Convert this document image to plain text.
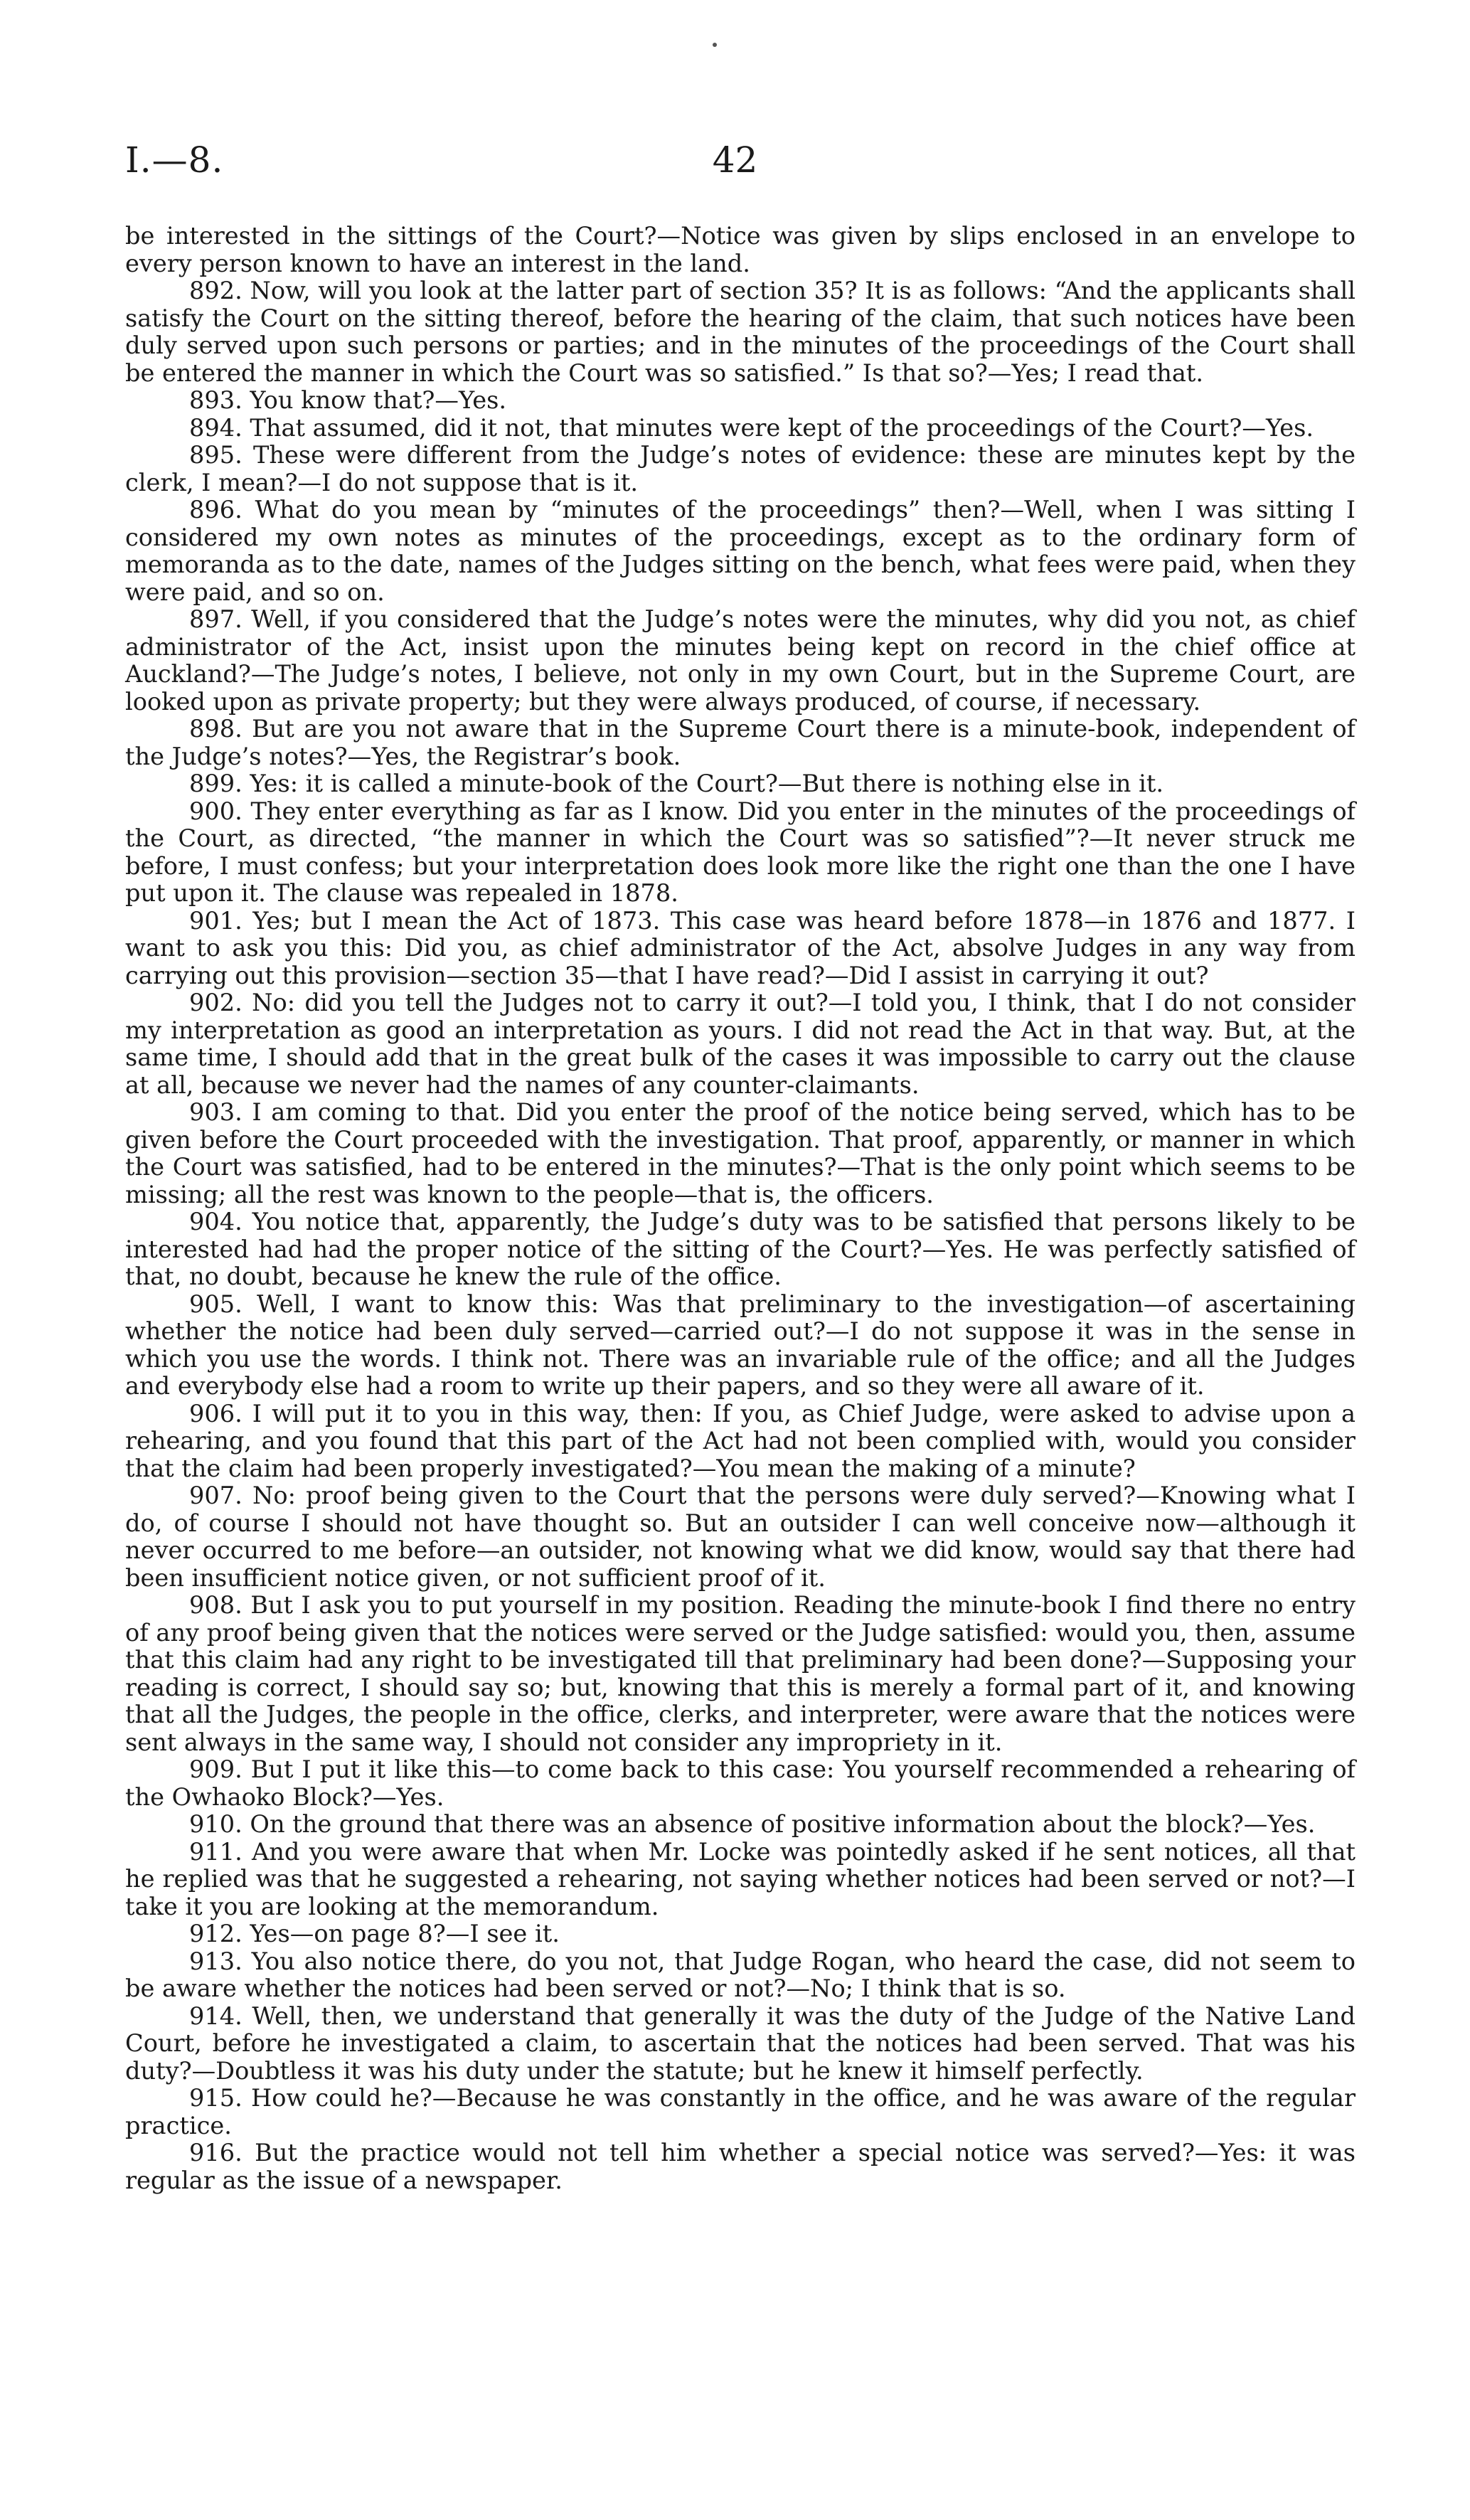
I.—8.	42

be interested in the sittings of the Court?—Notice was given by slips enclosed in an envelope to every person known to have an interest in the land.

892. Now, will you look at the latter part of section 35? It is as follows: “And the applicants shall satisfy the Court on the sitting thereof, before the hearing of the claim, that such notices have been duly served upon such persons or parties; and in the minutes of the proceedings of the Court shall be entered the manner in which the Court was so satisfied.” Is that so?—Yes; I read that.

893. You know that?—Yes.

894. That assumed, did it not, that minutes were kept of the proceedings of the Court?—Yes.

895. These were different from the Judge’s notes of evidence: these are minutes kept by the clerk, I mean?—I do not suppose that is it.

896. What do you mean by “minutes of the proceedings” then?—Well, when I was sitting I considered my own notes as minutes of the proceedings, except as to the ordinary form of memoranda as to the date, names of the Judges sitting on the bench, what fees were paid, when they were paid, and so on.

897. Well, if you considered that the Judge’s notes were the minutes, why did you not, as chief administrator of the Act, insist upon the minutes being kept on record in the chief office at Auckland?—The Judge’s notes, I believe, not only in my own Court, but in the Supreme Court, are looked upon as private property; but they were always produced, of course, if necessary.

898. But are you not aware that in the Supreme Court there is a minute-book, independent of the Judge’s notes?—Yes, the Registrar’s book.

899. Yes: it is called a minute-book of the Court?—But there is nothing else in it.

900. They enter everything as far as I know. Did you enter in the minutes of the proceedings of the Court, as directed, “the manner in which the Court was so satisfied”?—It never struck me before, I must confess; but your interpretation does look more like the right one than the one I have put upon it. The clause was repealed in 1878.

901. Yes; but I mean the Act of 1873. This case was heard before 1878—in 1876 and 1877. I want to ask you this: Did you, as chief administrator of the Act, absolve Judges in any way from carrying out this provision—section 35—that I have read?—Did I assist in carrying it out?

902. No: did you tell the Judges not to carry it out?—I told you, I think, that I do not consider my interpretation as good an interpretation as yours. I did not read the Act in that way. But, at the same time, I should add that in the great bulk of the cases it was impossible to carry out the clause at all, because we never had the names of any counter-claimants.

903. I am coming to that. Did you enter the proof of the notice being served, which has to be given before the Court proceeded with the investigation. That proof, apparently, or manner in which the Court was satisfied, had to be entered in the minutes?—That is the only point which seems to be missing; all the rest was known to the people—that is, the officers.

904. You notice that, apparently, the Judge’s duty was to be satisfied that persons likely to be interested had had the proper notice of the sitting of the Court?—Yes. He was perfectly satisfied of that, no doubt, because he knew the rule of the office.

905. Well, I want to know this: Was that preliminary to the investigation—of ascertaining whether the notice had been duly served—carried out?—I do not suppose it was in the sense in which you use the words. I think not. There was an invariable rule of the office; and all the Judges and everybody else had a room to write up their papers, and so they were all aware of it.

906. I will put it to you in this way, then: If you, as Chief Judge, were asked to advise upon a rehearing, and you found that this part of the Act had not been complied with, would you consider that the claim had been properly investigated?—You mean the making of a minute?

907. No: proof being given to the Court that the persons were duly served?—Knowing what I do, of course I should not have thought so. But an outsider I can well conceive now—although it never occurred to me before—an outsider, not knowing what we did know, would say that there had been insufficient notice given, or not sufficient proof of it.

908. But I ask you to put yourself in my position. Reading the minute-book I find there no entry of any proof being given that the notices were served or the Judge satisfied: would you, then, assume that this claim had any right to be investigated till that preliminary had been done?—Supposing your reading is correct, I should say so; but, knowing that this is merely a formal part of it, and knowing that all the Judges, the people in the office, clerks, and interpreter, were aware that the notices were sent always in the same way, I should not consider any impropriety in it.

909. But I put it like this—to come back to this case: You yourself recommended a rehearing of the Owhaoko Block?—Yes.

910. On the ground that there was an absence of positive information about the block?—Yes.

911. And you were aware that when Mr. Locke was pointedly asked if he sent notices, all that he replied was that he suggested a rehearing, not saying whether notices had been served or not?—I take it you are looking at the memorandum.

912. Yes—on page 8?—I see it.

913. You also notice there, do you not, that Judge Rogan, who heard the case, did not seem to be aware whether the notices had been served or not?—No; I think that is so.

914. Well, then, we understand that generally it was the duty of the Judge of the Native Land Court, before he investigated a claim, to ascertain that the notices had been served. That was his duty?—Doubtless it was his duty under the statute; but he knew it himself perfectly.

915. How could he?—Because he was constantly in the office, and he was aware of the regular practice.

916. But the practice would not tell him whether a special notice was served?—Yes: it was regular as the issue of a newspaper.
